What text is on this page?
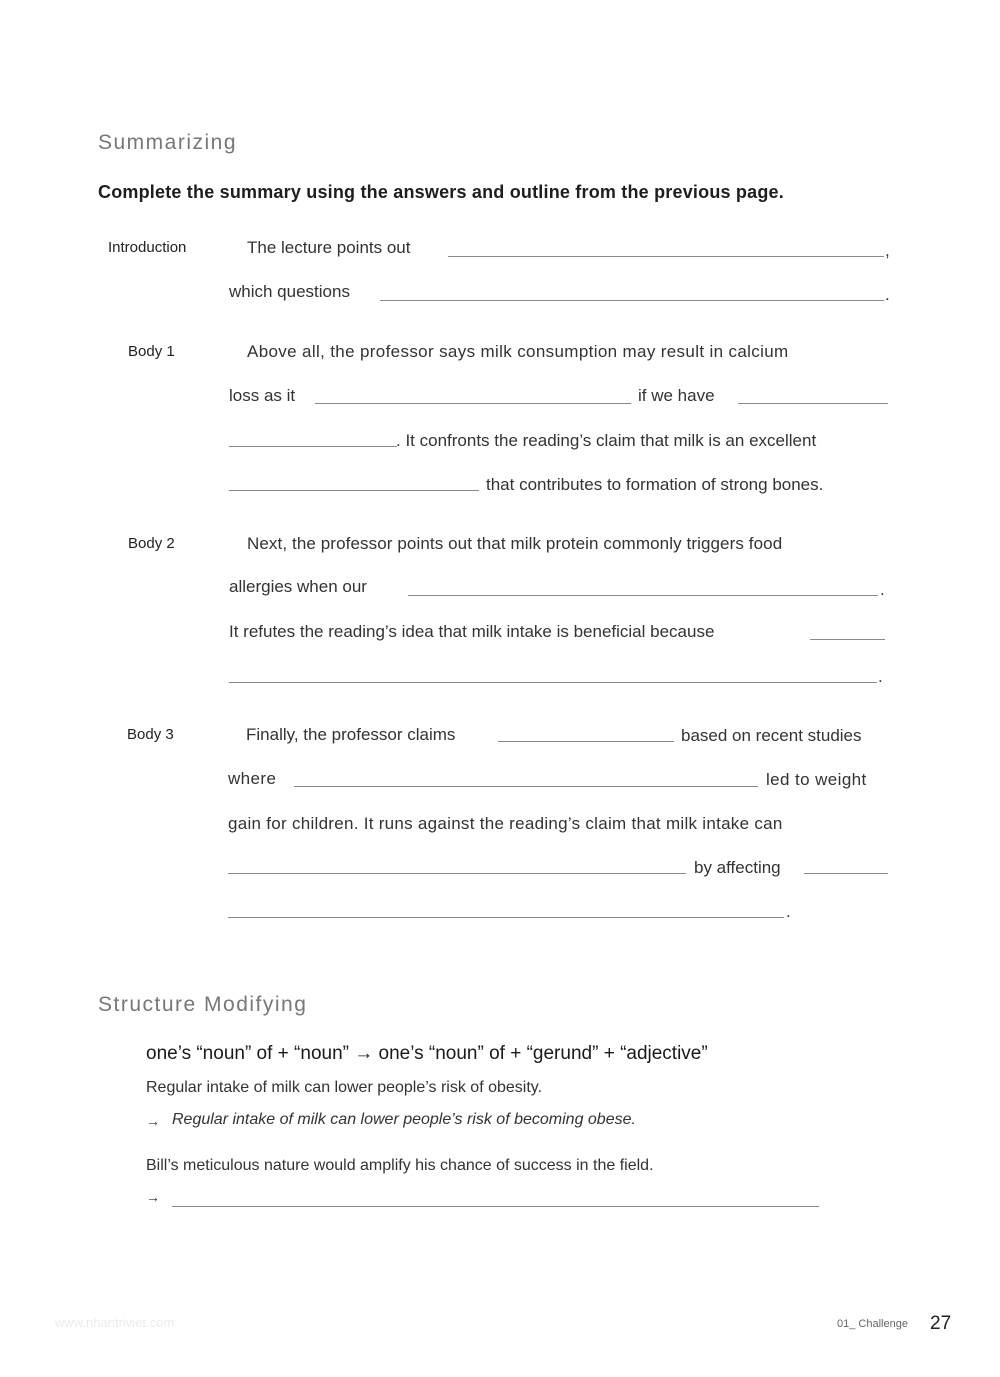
Summarizing
Complete the summary using the answers and outline from the previous page.
Introduction	The lecture points out	,
which questions	.
Body 1	Above all, the professor says milk consumption may result in calcium
loss as it	if we have
. It confronts the reading’s claim that milk is an excellent
that contributes to formation of strong bones.
Body 2	Next, the professor points out that milk protein commonly triggers food
allergies when our	.
It refutes the reading’s idea that milk intake is beneficial because
.
Body 3	Finally, the professor claims	based on recent studies
where	led to weight
gain for children. It runs against the reading’s claim that milk intake can
by affecting
.
Structure Modifying
one’s “noun” of + “noun” → one’s “noun” of + “gerund” + “adjective”
Regular intake of milk can lower people’s risk of obesity.
→ Regular intake of milk can lower people’s risk of becoming obese.
Bill’s meticulous nature would amplify his chance of success in the field.
→
www.nhantriviet.com	01_ Challenge 27
